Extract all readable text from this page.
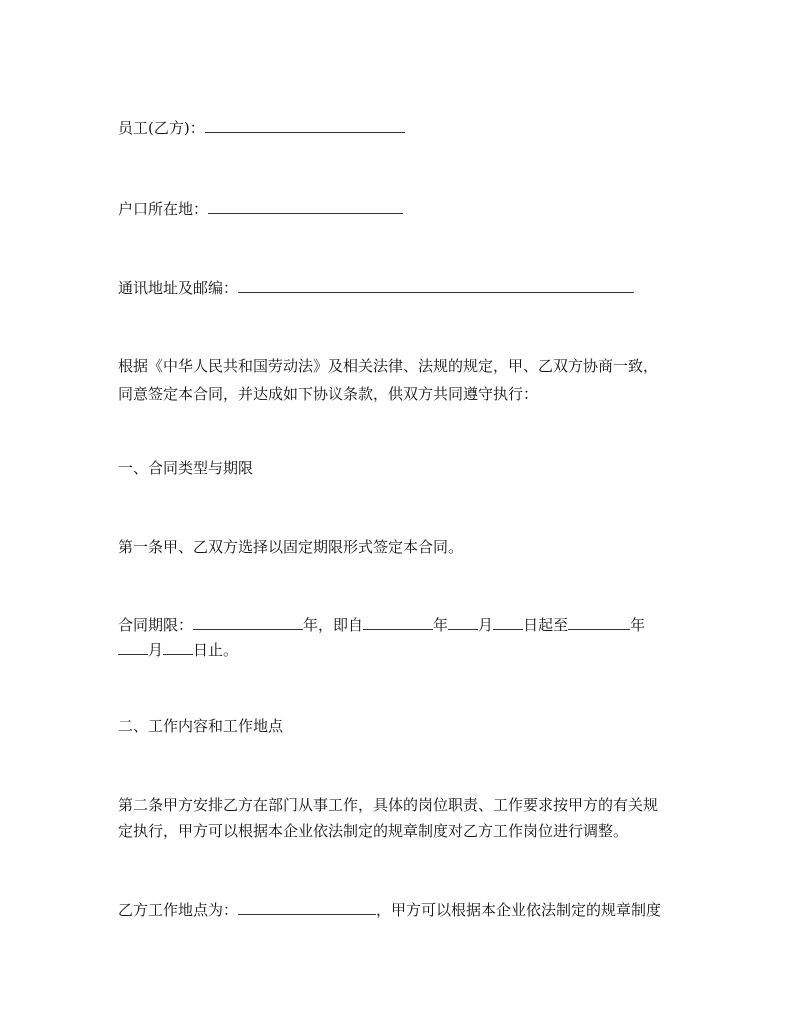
员工(乙方)：
户口所在地：
通讯地址及邮编：
根据《中华人民共和国劳动法》及相关法律、法规的规定，甲、乙双方协商一致，
同意签定本合同，并达成如下协议条款，供双方共同遵守执行：
一、合同类型与期限
第一条甲、乙双方选择以固定期限形式签定本合同。
合同期限：	年，即自	年 月 日起至	年
月 日止。
二、工作内容和工作地点
第二条甲方安排乙方在部门从事工作，具体的岗位职责、工作要求按甲方的有关规
定执行，甲方可以根据本企业依法制定的规章制度对乙方工作岗位进行调整。
乙方工作地点为：	，甲方可以根据本企业依法制定的规章制度
